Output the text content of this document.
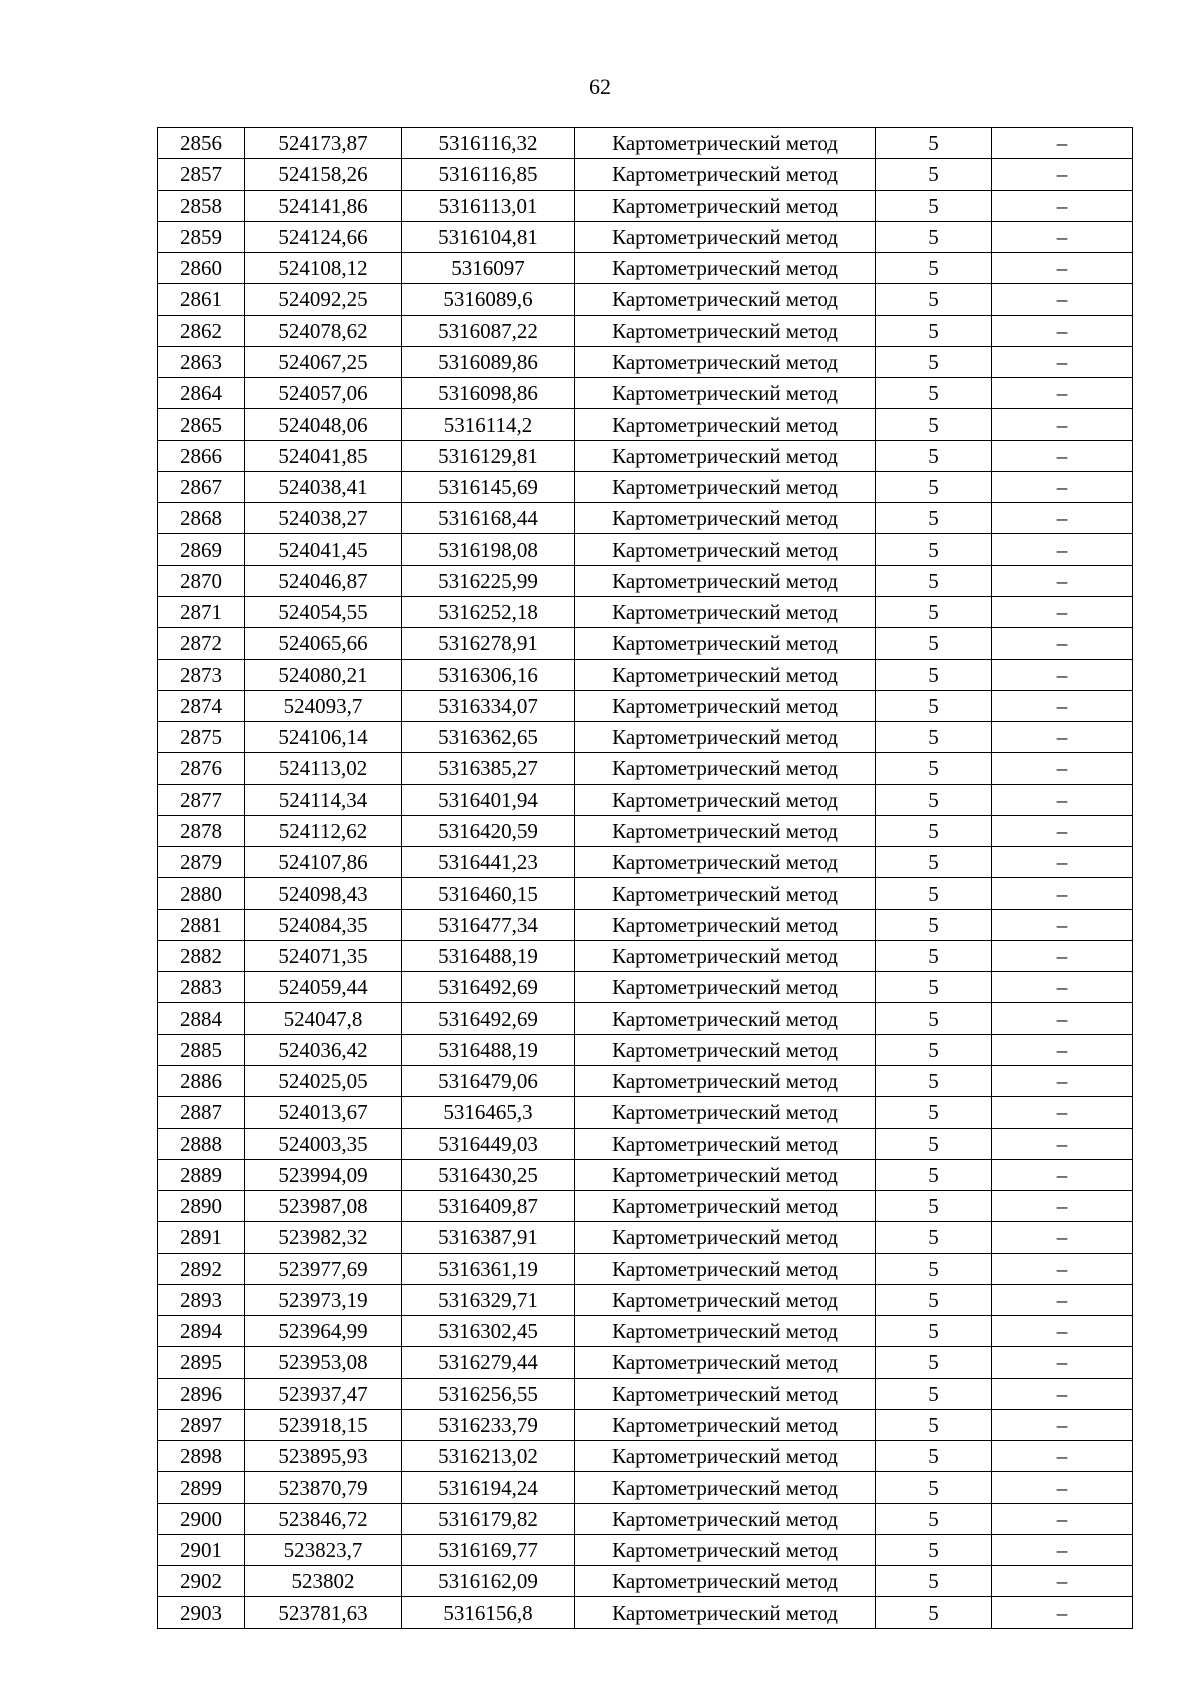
62
2856	524173,87	5316116,32	Картометрический метод	5	–
2857	524158,26	5316116,85	Картометрический метод	5	–
2858	524141,86	5316113,01	Картометрический метод	5	–
2859	524124,66	5316104,81	Картометрический метод	5	–
2860	524108,12	5316097	Картометрический метод	5	–
2861	524092,25	5316089,6	Картометрический метод	5	–
2862	524078,62	5316087,22	Картометрический метод	5	–
2863	524067,25	5316089,86	Картометрический метод	5	–
2864	524057,06	5316098,86	Картометрический метод	5	–
2865	524048,06	5316114,2	Картометрический метод	5	–
2866	524041,85	5316129,81	Картометрический метод	5	–
2867	524038,41	5316145,69	Картометрический метод	5	–
2868	524038,27	5316168,44	Картометрический метод	5	–
2869	524041,45	5316198,08	Картометрический метод	5	–
2870	524046,87	5316225,99	Картометрический метод	5	–
2871	524054,55	5316252,18	Картометрический метод	5	–
2872	524065,66	5316278,91	Картометрический метод	5	–
2873	524080,21	5316306,16	Картометрический метод	5	–
2874	524093,7	5316334,07	Картометрический метод	5	–
2875	524106,14	5316362,65	Картометрический метод	5	–
2876	524113,02	5316385,27	Картометрический метод	5	–
2877	524114,34	5316401,94	Картометрический метод	5	–
2878	524112,62	5316420,59	Картометрический метод	5	–
2879	524107,86	5316441,23	Картометрический метод	5	–
2880	524098,43	5316460,15	Картометрический метод	5	–
2881	524084,35	5316477,34	Картометрический метод	5	–
2882	524071,35	5316488,19	Картометрический метод	5	–
2883	524059,44	5316492,69	Картометрический метод	5	–
2884	524047,8	5316492,69	Картометрический метод	5	–
2885	524036,42	5316488,19	Картометрический метод	5	–
2886	524025,05	5316479,06	Картометрический метод	5	–
2887	524013,67	5316465,3	Картометрический метод	5	–
2888	524003,35	5316449,03	Картометрический метод	5	–
2889	523994,09	5316430,25	Картометрический метод	5	–
2890	523987,08	5316409,87	Картометрический метод	5	–
2891	523982,32	5316387,91	Картометрический метод	5	–
2892	523977,69	5316361,19	Картометрический метод	5	–
2893	523973,19	5316329,71	Картометрический метод	5	–
2894	523964,99	5316302,45	Картометрический метод	5	–
2895	523953,08	5316279,44	Картометрический метод	5	–
2896	523937,47	5316256,55	Картометрический метод	5	–
2897	523918,15	5316233,79	Картометрический метод	5	–
2898	523895,93	5316213,02	Картометрический метод	5	–
2899	523870,79	5316194,24	Картометрический метод	5	–
2900	523846,72	5316179,82	Картометрический метод	5	–
2901	523823,7	5316169,77	Картометрический метод	5	–
2902	523802	5316162,09	Картометрический метод	5	–
2903	523781,63	5316156,8	Картометрический метод	5	–
